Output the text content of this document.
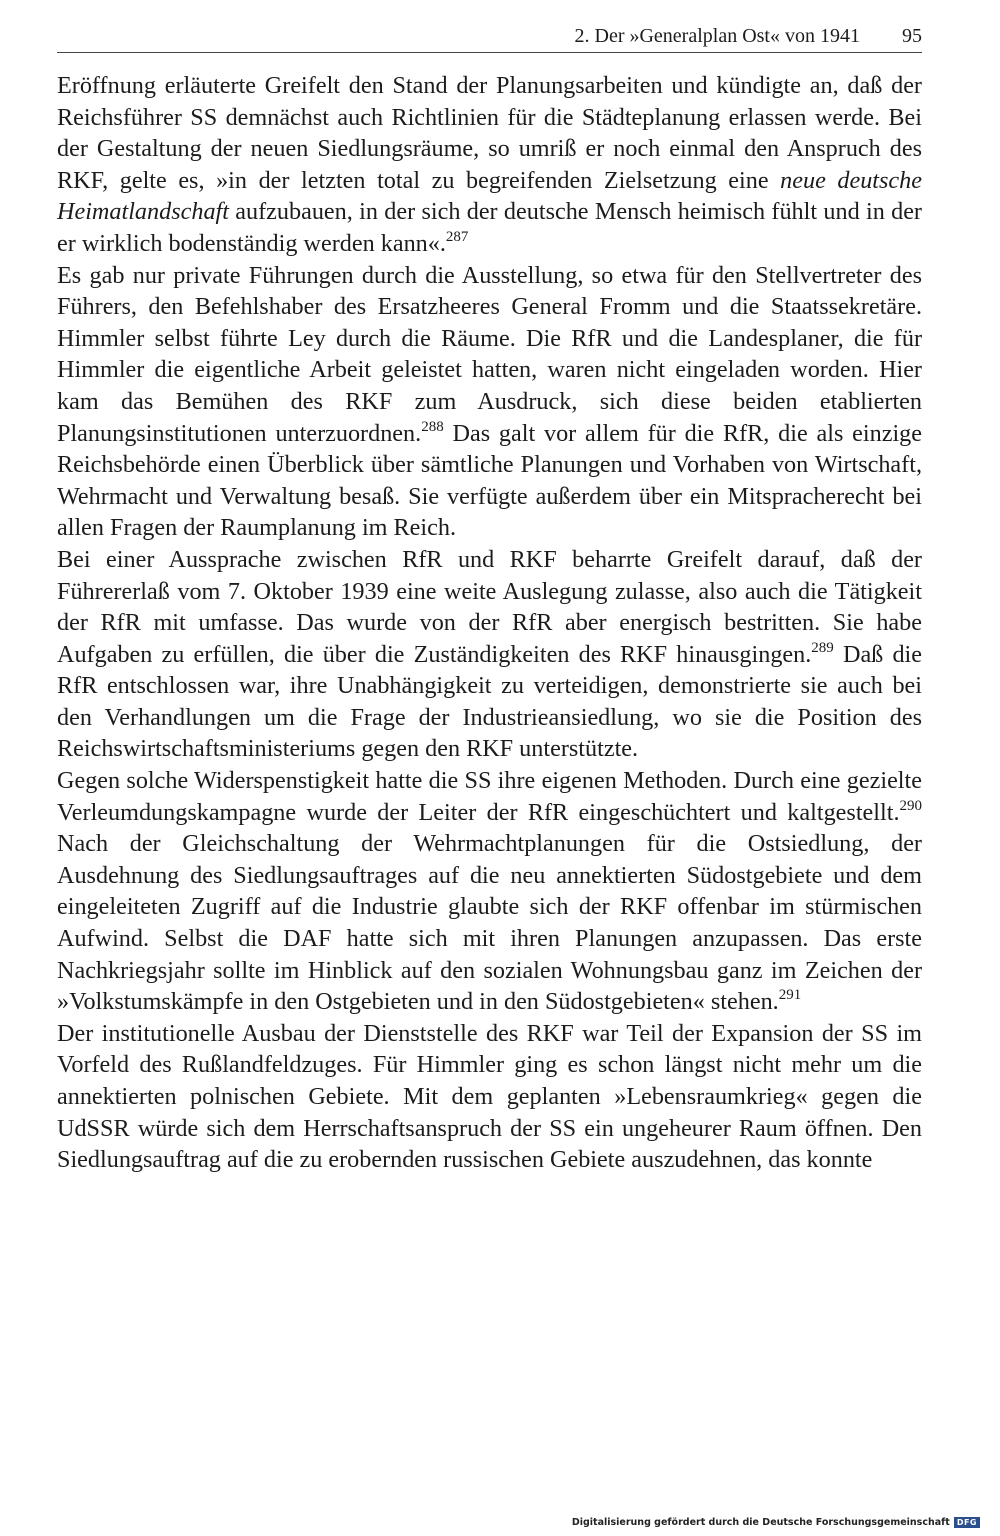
2. Der »Generalplan Ost« von 1941 95

Eröffnung erläuterte Greifelt den Stand der Planungsarbeiten und kündigte an, daß der Reichsführer SS demnächst auch Richtlinien für die Städteplanung erlassen werde. Bei der Gestaltung der neuen Siedlungsräume, so umriß er noch einmal den Anspruch des RKF, gelte es, »in der letzten total zu begreifenden Zielsetzung eine neue deutsche Heimatlandschaft aufzubauen, in der sich der deutsche Mensch heimisch fühlt und in der er wirklich bodenständig werden kann«.$^{287}$

Es gab nur private Führungen durch die Ausstellung, so etwa für den Stellvertreter des Führers, den Befehlshaber des Ersatzheeres General Fromm und die Staatssekretäre. Himmler selbst führte Ley durch die Räume. Die RfR und die Landesplaner, die für Himmler die eigentliche Arbeit geleistet hatten, waren nicht eingeladen worden. Hier kam das Bemühen des RKF zum Ausdruck, sich diese beiden etablierten Planungsinstitutionen unterzuordnen.$^{288}$ Das galt vor allem für die RfR, die als einzige Reichsbehörde einen Überblick über sämtliche Planungen und Vorhaben von Wirtschaft, Wehrmacht und Verwaltung besaß. Sie verfügte außerdem über ein Mitspracherecht bei allen Fragen der Raumplanung im Reich.

Bei einer Aussprache zwischen RfR und RKF beharrte Greifelt darauf, daß der Führererlaß vom 7. Oktober 1939 eine weite Auslegung zulasse, also auch die Tätigkeit der RfR mit umfasse. Das wurde von der RfR aber energisch bestritten. Sie habe Aufgaben zu erfüllen, die über die Zuständigkeiten des RKF hinausgingen.$^{289}$ Daß die RfR entschlossen war, ihre Unabhängigkeit zu verteidigen, demonstrierte sie auch bei den Verhandlungen um die Frage der Industrieansiedlung, wo sie die Position des Reichswirtschaftsministeriums gegen den RKF unterstützte.

Gegen solche Widerspenstigkeit hatte die SS ihre eigenen Methoden. Durch eine gezielte Verleumdungskampagne wurde der Leiter der RfR eingeschüchtert und kaltgestellt.$^{290}$ Nach der Gleichschaltung der Wehrmachtplanungen für die Ostsiedlung, der Ausdehnung des Siedlungsauftrages auf die neu annektierten Südostgebiete und dem eingeleiteten Zugriff auf die Industrie glaubte sich der RKF offenbar im stürmischen Aufwind. Selbst die DAF hatte sich mit ihren Planungen anzupassen. Das erste Nachkriegsjahr sollte im Hinblick auf den sozialen Wohnungsbau ganz im Zeichen der »Volkstumskämpfe in den Ostgebieten und in den Südostgebieten« stehen.$^{291}$

Der institutionelle Ausbau der Dienststelle des RKF war Teil der Expansion der SS im Vorfeld des Rußlandfeldzuges. Für Himmler ging es schon längst nicht mehr um die annektierten polnischen Gebiete. Mit dem geplanten »Lebensraumkrieg« gegen die UdSSR würde sich dem Herrschaftsanspruch der SS ein ungeheurer Raum öffnen. Den Siedlungsauftrag auf die zu erobernden russischen Gebiete auszudehnen, das konnte

Digitalisierung gefördert durch die Deutsche Forschungsgemeinschaft DFG
